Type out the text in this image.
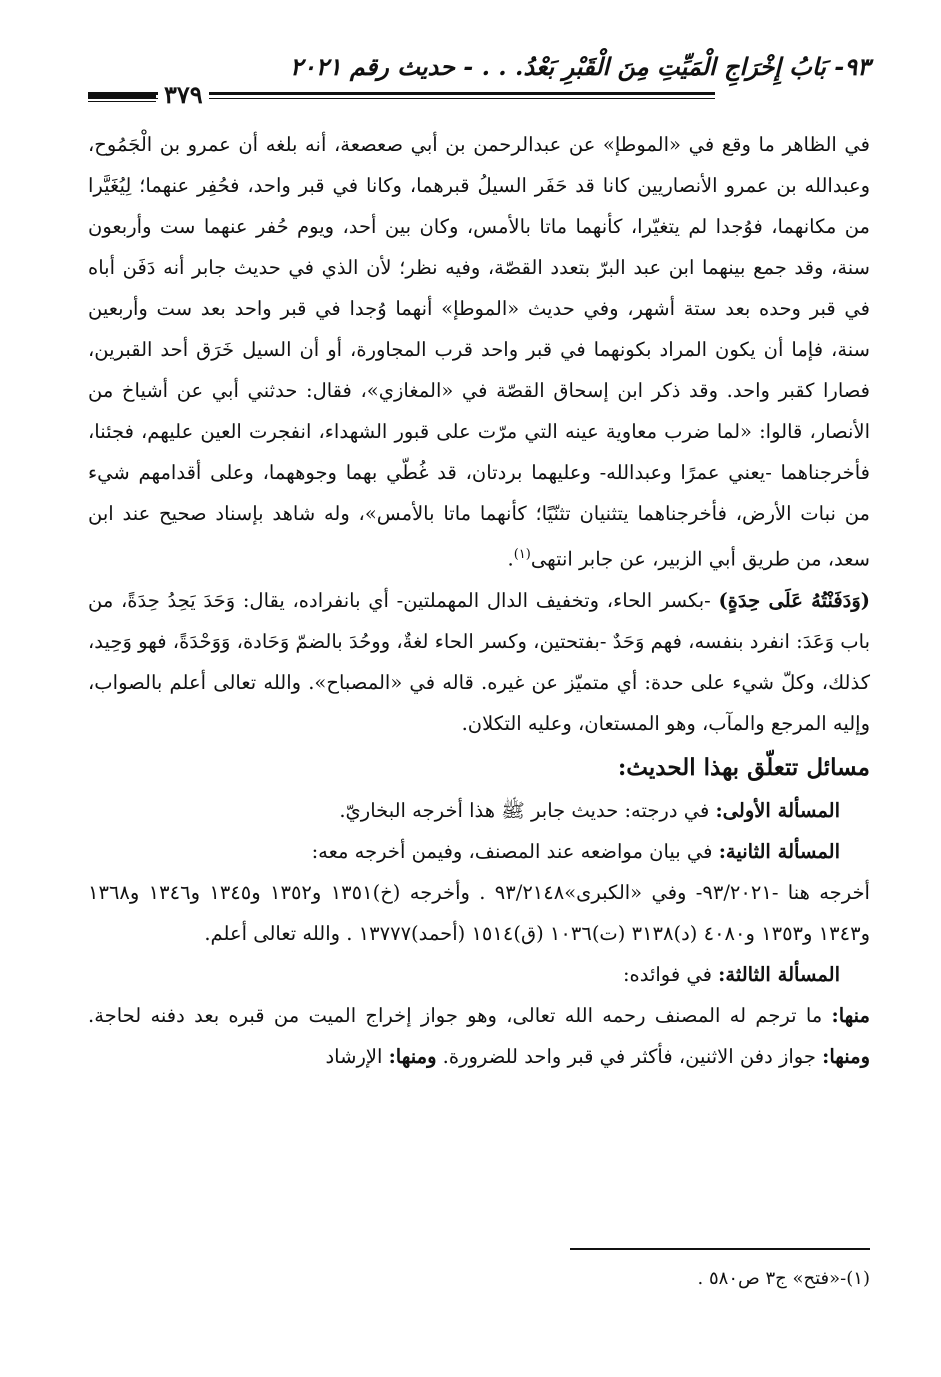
٩٣- بَابُ إِخْرَاجِ الْمَيِّتِ مِنَ الْقَبْرِ بَعْدُ. . . - حديث رقم ٢٠٢١
٣٧٩

في الظاهر ما وقع في «الموطإ» عن عبدالرحمن بن أبي صعصعة، أنه بلغه أن عمرو بن الْجَمُوح، وعبدالله بن عمرو الأنصاريين كانا قد حَفَر السيلُ قبرهما، وكانا في قبر واحد، فحُفِر عنهما؛ لِيُغَيَّرا من مكانهما، فوُجدا لم يتغيّرا، كأنهما ماتا بالأمس، وكان بين أحد، ويوم حُفر عنهما ست وأربعون سنة، وقد جمع بينهما ابن عبد البرّ بتعدد القصّة، وفيه نظر؛ لأن الذي في حديث جابر أنه دَفَن أباه في قبر وحده بعد ستة أشهر، وفي حديث «الموطإ» أنهما وُجدا في قبر واحد بعد ست وأربعين سنة، فإما أن يكون المراد بكونهما في قبر واحد قرب المجاورة، أو أن السيل خَرَق أحد القبرين، فصارا كقبر واحد. وقد ذكر ابن إسحاق القصّة في «المغازي»، فقال: حدثني أبي عن أشياخ من الأنصار، قالوا: «لما ضرب معاوية عينه التي مرّت على قبور الشهداء، انفجرت العين عليهم، فجئنا، فأخرجناهما -يعني عمرًا وعبدالله- وعليهما بردتان، قد غُطّي بهما وجوههما، وعلى أقدامهم شيء من نبات الأرض، فأخرجناهما يتثنيان تثنّيًا؛ كأنهما ماتا بالأمس»، وله شاهد بإسناد صحيح عند ابن سعد، من طريق أبي الزبير، عن جابر انتهى$^{(١)}$.

(وَدَفَنْتُهُ عَلَى حِدَةٍ) -بكسر الحاء، وتخفيف الدال المهملتين- أي بانفراده، يقال: وَحَدَ يَحِدُ حِدَةً، من باب وَعَدَ: انفرد بنفسه، فهم وَحَدٌ -بفتحتين، وكسر الحاء لغةٌ، ووحُدَ بالضمّ وَحَادة، وَوَحْدَةً، فهو وَحِيد، كذلك، وكلّ شيء على حدة: أي متميّز عن غيره. قاله في «المصباح». والله تعالى أعلم بالصواب، وإليه المرجع والمآب، وهو المستعان، وعليه التكلان.

مسائل تتعلّق بهذا الحديث:

المسألة الأولى: في درجته: حديث جابر ﷺ هذا أخرجه البخاريّ.

المسألة الثانية: في بيان مواضعه عند المصنف، وفيمن أخرجه معه:

أخرجه هنا -٩٣/٢٠٢١- وفي «الكبرى»٩٣/٢١٤٨ . وأخرجه (خ)١٣٥١ و١٣٥٢ و١٣٤٥ و١٣٤٦ و١٣٦٨ و١٣٤٣ و١٣٥٣ و٤٠٨٠ (د)٣١٣٨ (ت)١٠٣٦ (ق)١٥١٤ (أحمد)١٣٧٧٧ . والله تعالى أعلم.

المسألة الثالثة: في فوائده:

منها: ما ترجم له المصنف رحمه الله تعالى، وهو جواز إخراج الميت من قبره بعد دفنه لحاجة. ومنها: جواز دفن الاثنين، فأكثر في قبر واحد للضرورة. ومنها: الإرشاد

(١)-«فتح» ج٣ ص٥٨٠ .
